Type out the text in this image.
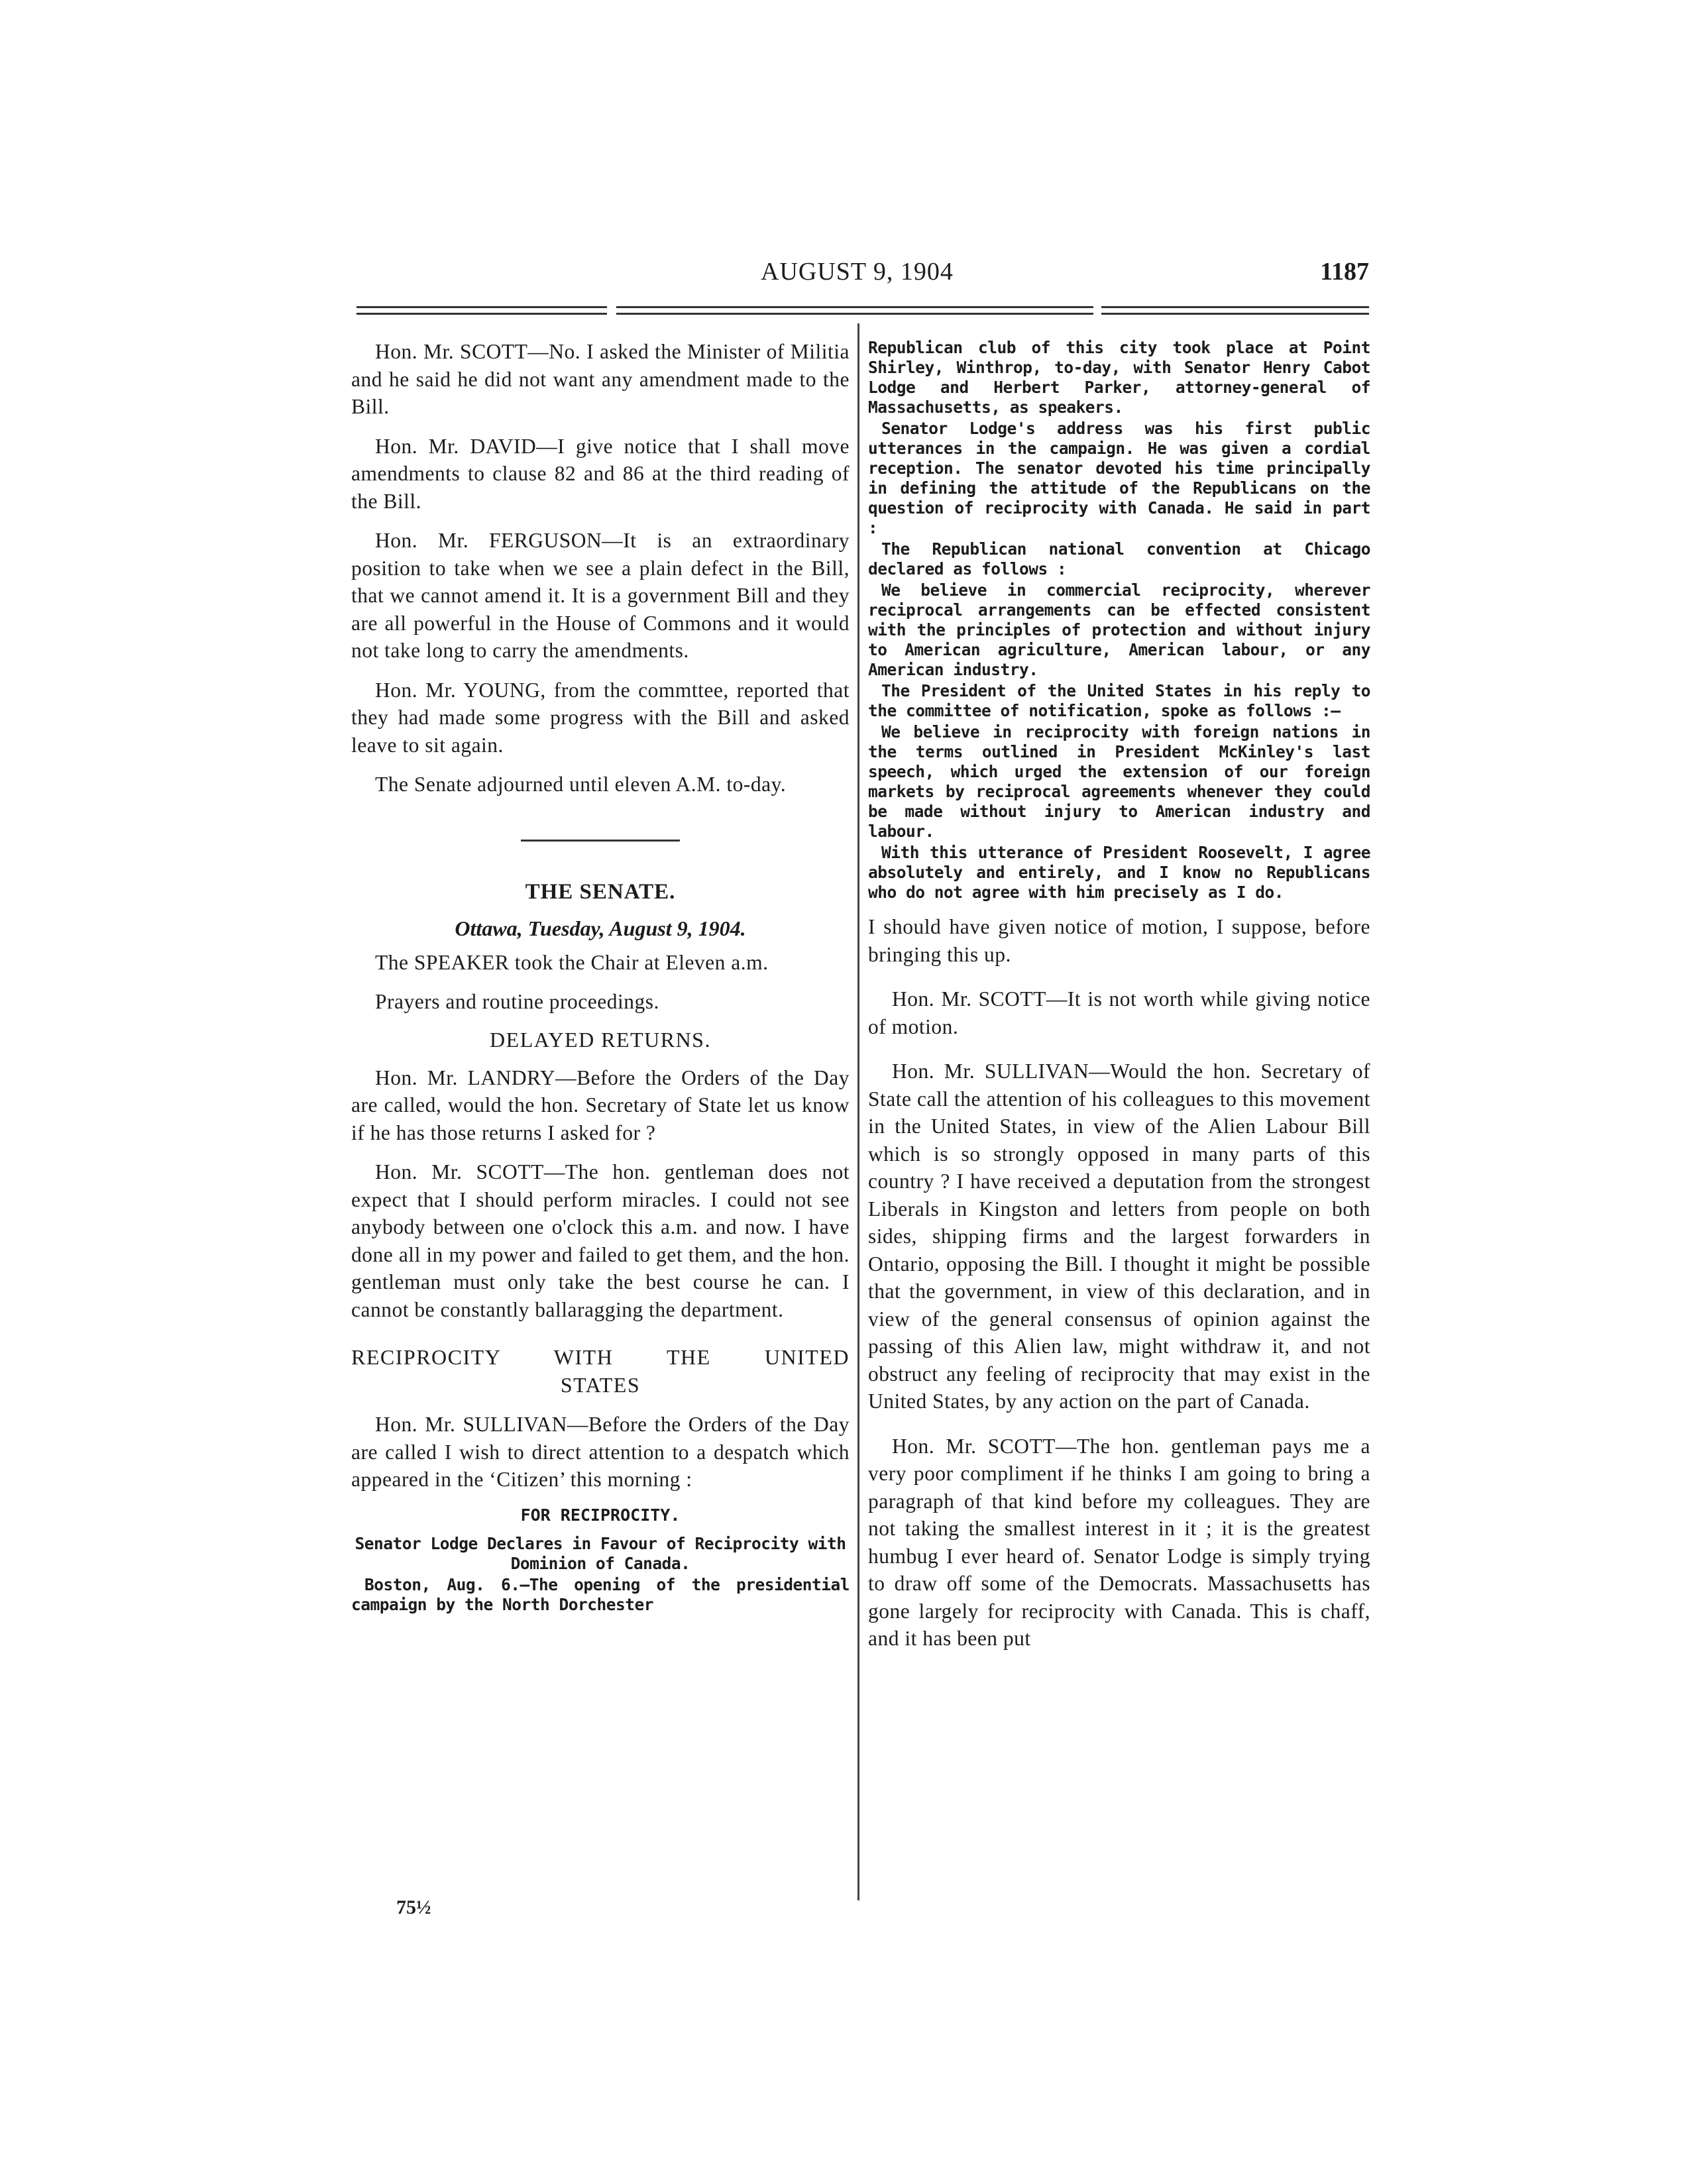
AUGUST 9, 1904	1187

Hon. Mr. SCOTT—No. I asked the Minister of Militia and he said he did not want any amendment made to the Bill.

Hon. Mr. DAVID—I give notice that I shall move amendments to clause 82 and 86 at the third reading of the Bill.

Hon. Mr. FERGUSON—It is an extraordinary position to take when we see a plain defect in the Bill, that we cannot amend it. It is a government Bill and they are all powerful in the House of Commons and it would not take long to carry the amendments.

Hon. Mr. YOUNG, from the commttee, reported that they had made some progress with the Bill and asked leave to sit again.

The Senate adjourned until eleven A.M. to-day.

THE SENATE.
Ottawa, Tuesday, August 9, 1904.

The SPEAKER took the Chair at Eleven a.m.

Prayers and routine proceedings.

DELAYED RETURNS.

Hon. Mr. LANDRY—Before the Orders of the Day are called, would the hon. Secretary of State let us know if he has those returns I asked for ?

Hon. Mr. SCOTT—The hon. gentleman does not expect that I should perform miracles. I could not see anybody between one o'clock this a.m. and now. I have done all in my power and failed to get them, and the hon. gentleman must only take the best course he can. I cannot be constantly ballaragging the department.

RECIPROCITY WITH THE UNITED
STATES

Hon. Mr. SULLIVAN—Before the Orders of the Day are called I wish to direct attention to a despatch which appeared in the ‘Citizen’ this morning :

FOR RECIPROCITY.

Senator Lodge Declares in Favour of Reciprocity with Dominion of Canada.

Boston, Aug. 6.—The opening of the presidential campaign by the North Dorchester

75½

Republican club of this city took place at Point Shirley, Winthrop, to-day, with Senator Henry Cabot Lodge and Herbert Parker, attorney-general of Massachusetts, as speakers.

Senator Lodge's address was his first public utterances in the campaign. He was given a cordial reception. The senator devoted his time principally in defining the attitude of the Republicans on the question of reciprocity with Canada. He said in part :

The Republican national convention at Chicago declared as follows :

We believe in commercial reciprocity, wherever reciprocal arrangements can be effected consistent with the principles of protection and without injury to American agriculture, American labour, or any American industry.

The President of the United States in his reply to the committee of notification, spoke as follows :—

We believe in reciprocity with foreign nations in the terms outlined in President McKinley's last speech, which urged the extension of our foreign markets by reciprocal agreements whenever they could be made without injury to American industry and labour.

With this utterance of President Roosevelt, I agree absolutely and entirely, and I know no Republicans who do not agree with him precisely as I do.

I should have given notice of motion, I suppose, before bringing this up.

Hon. Mr. SCOTT—It is not worth while giving notice of motion.

Hon. Mr. SULLIVAN—Would the hon. Secretary of State call the attention of his colleagues to this movement in the United States, in view of the Alien Labour Bill which is so strongly opposed in many parts of this country ? I have received a deputation from the strongest Liberals in Kingston and letters from people on both sides, shipping firms and the largest forwarders in Ontario, opposing the Bill. I thought it might be possible that the government, in view of this declaration, and in view of the general consensus of opinion against the passing of this Alien law, might withdraw it, and not obstruct any feeling of reciprocity that may exist in the United States, by any action on the part of Canada.

Hon. Mr. SCOTT—The hon. gentleman pays me a very poor compliment if he thinks I am going to bring a paragraph of that kind before my colleagues. They are not taking the smallest interest in it ; it is the greatest humbug I ever heard of. Senator Lodge is simply trying to draw off some of the Democrats. Massachusetts has gone largely for reciprocity with Canada. This is chaff, and it has been put
